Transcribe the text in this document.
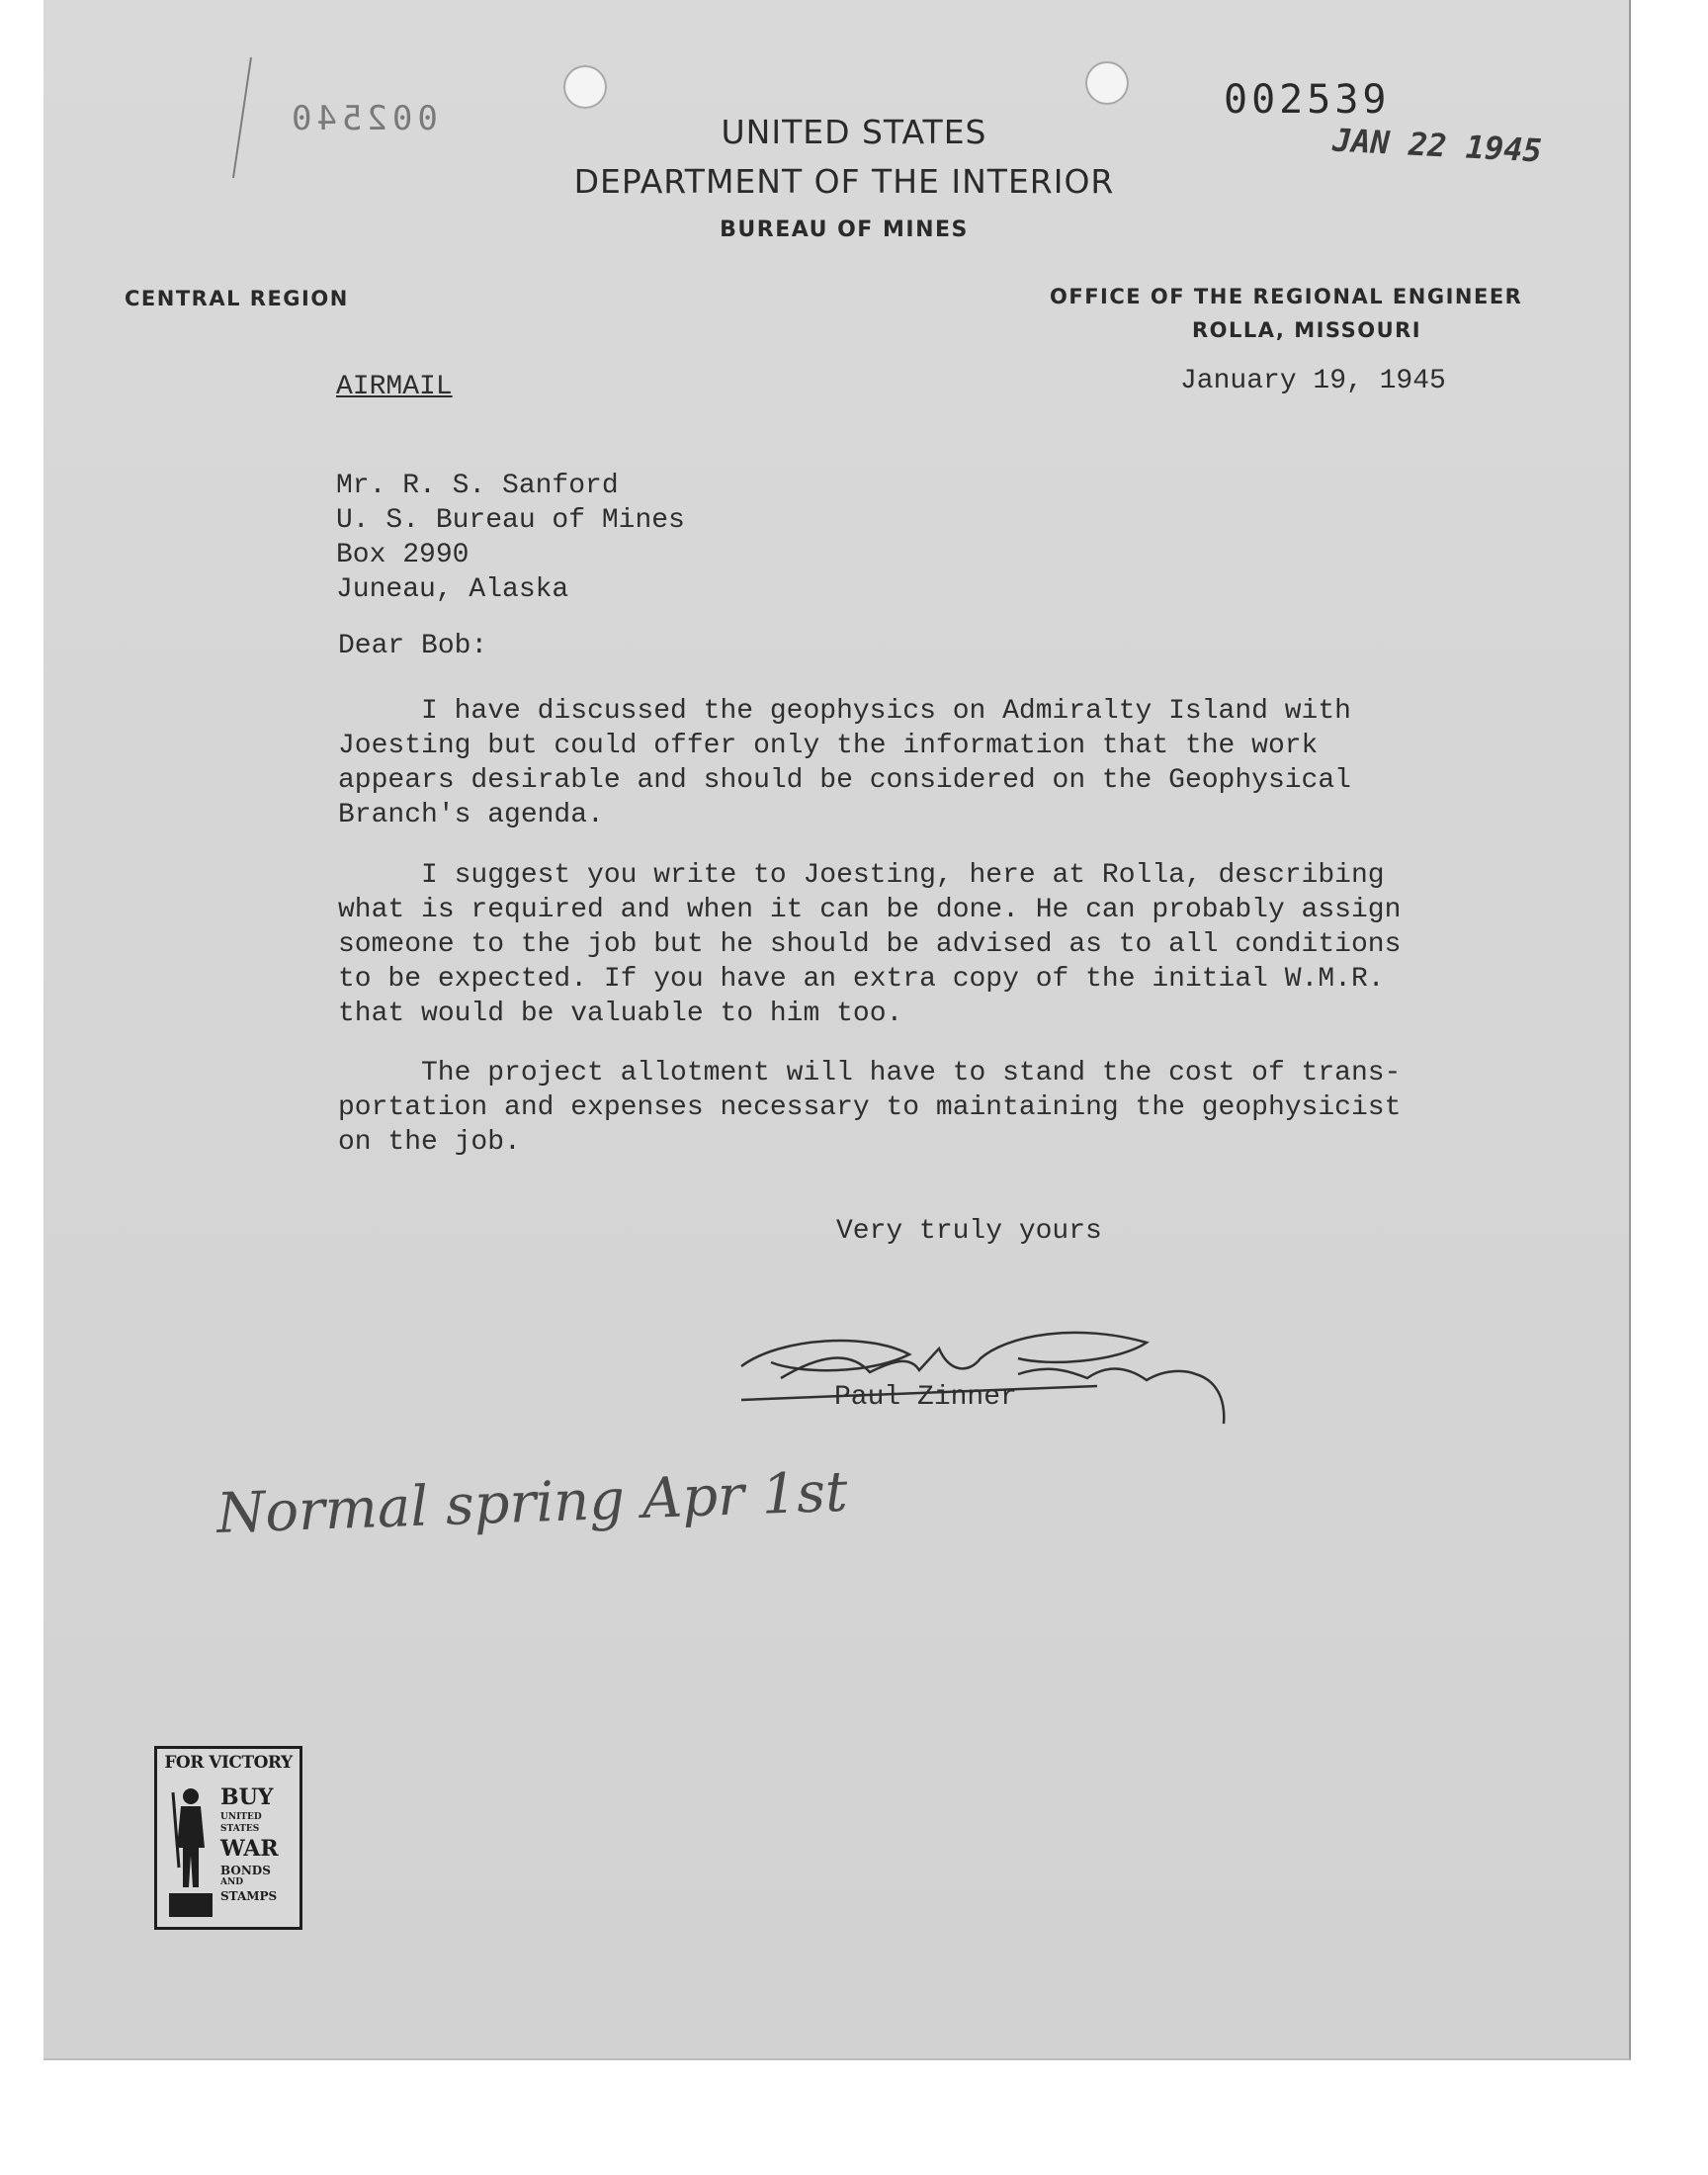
002540	002539
JAN 22 1945
UNITED STATES
DEPARTMENT OF THE INTERIOR
BUREAU OF MINES
CENTRAL REGION	OFFICE OF THE REGIONAL ENGINEER
ROLLA, MISSOURI
AIRMAIL	January 19, 1945
Mr. R. S. Sanford
U. S. Bureau of Mines
Box 2990
Juneau, Alaska
Dear Bob:
I have discussed the geophysics on Admiralty Island with
Joesting but could offer only the information that the work
appears desirable and should be considered on the Geophysical
Branch's agenda.
I suggest you write to Joesting, here at Rolla, describing
what is required and when it can be done. He can probably assign
someone to the job but he should be advised as to all conditions
to be expected. If you have an extra copy of the initial W.M.R.
that would be valuable to him too.
The project allotment will have to stand the cost of trans-
portation and expenses necessary to maintaining the geophysicist
on the job.
Very truly yours
Paul Zinner
Normal spring Apr 1st
FOR VICTORY
BUY
UNITED
STATES
WAR
BONDS
AND
STAMPS
